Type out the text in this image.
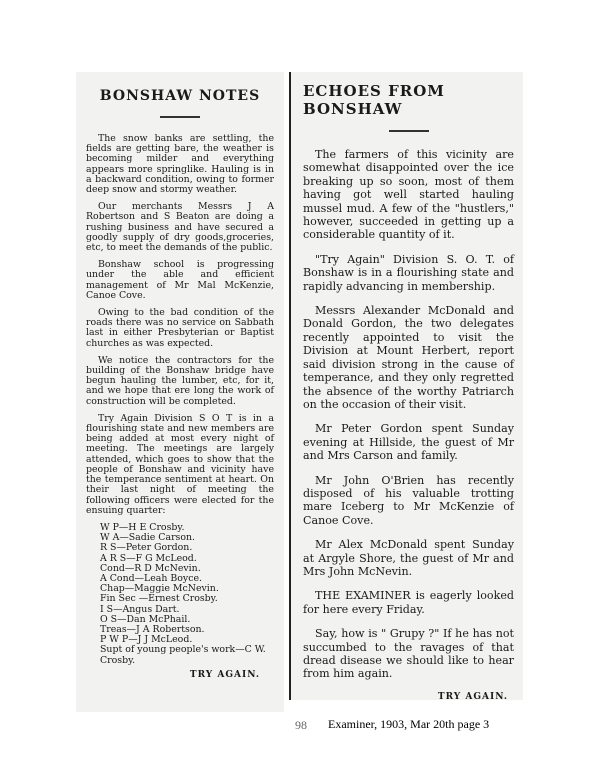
BONSHAW NOTES

The snow banks are settling, the fields are getting bare, the weather is becoming milder and everything appears more springlike. Hauling is in a backward condition, owing to former deep snow and stormy weather.

Our merchants Messrs J A Robertson and S Beaton are doing a rushing business and have secured a goodly supply of dry goods,groceries, etc, to meet the demands of the public.

Bonshaw school is progressing under the able and efficient management of Mr Mal McKenzie, Canoe Cove.

Owing to the bad condition of the roads there was no service on Sabbath last in either Presbyterian or Baptist churches as was expected.

We notice the contractors for the building of the Bonshaw bridge have begun hauling the lumber, etc, for it, and we hope that ere long the work of construction will be completed.

Try Again Division S O T is in a flourishing state and new members are being added at most every night of meeting. The meetings are largely attended, which goes to show that the people of Bonshaw and vicinity have the temperance sentiment at heart. On their last night of meeting the following officers were elected for the ensuing quarter:

W P—H E Crosby.
W A—Sadie Carson.
R S—Peter Gordon.
A R S—F G McLeod.
Cond—R D McNevin.
A Cond—Leah Boyce.
Chap—Maggie McNevin.
Fin Sec —Ernest Crosby.
I S—Angus Dart.
O S—Dan McPhail.
Treas—J A Robertson.
P W P—J J McLeod.
Supt of young people's work—C W. Crosby.
TRY AGAIN.
ECHOES FROM BONSHAW

The farmers of this vicinity are somewhat disappointed over the ice breaking up so soon, most of them having got well started hauling mussel mud. A few of the "hustlers," however, succeeded in getting up a considerable quantity of it.

"Try Again" Division S. O. T. of Bonshaw is in a flourishing state and rapidly advancing in membership.

Messrs Alexander McDonald and Donald Gordon, the two delegates recently appointed to visit the Division at Mount Herbert, report said division strong in the cause of temperance, and they only regretted the absence of the worthy Patriarch on the occasion of their visit.

Mr Peter Gordon spent Sunday evening at Hillside, the guest of Mr and Mrs Carson and family.

Mr John O'Brien has recently disposed of his valuable trotting mare Iceberg to Mr McKenzie of Canoe Cove.

Mr Alex McDonald spent Sunday at Argyle Shore, the guest of Mr and Mrs John McNevin.

THE EXAMINER is eagerly looked for here every Friday.

Say, how is " Grupy ?" If he has not succumbed to the ravages of that dread disease we should like to hear from him again.

TRY AGAIN.
98	Examiner, 1903, Mar 20th page 3
